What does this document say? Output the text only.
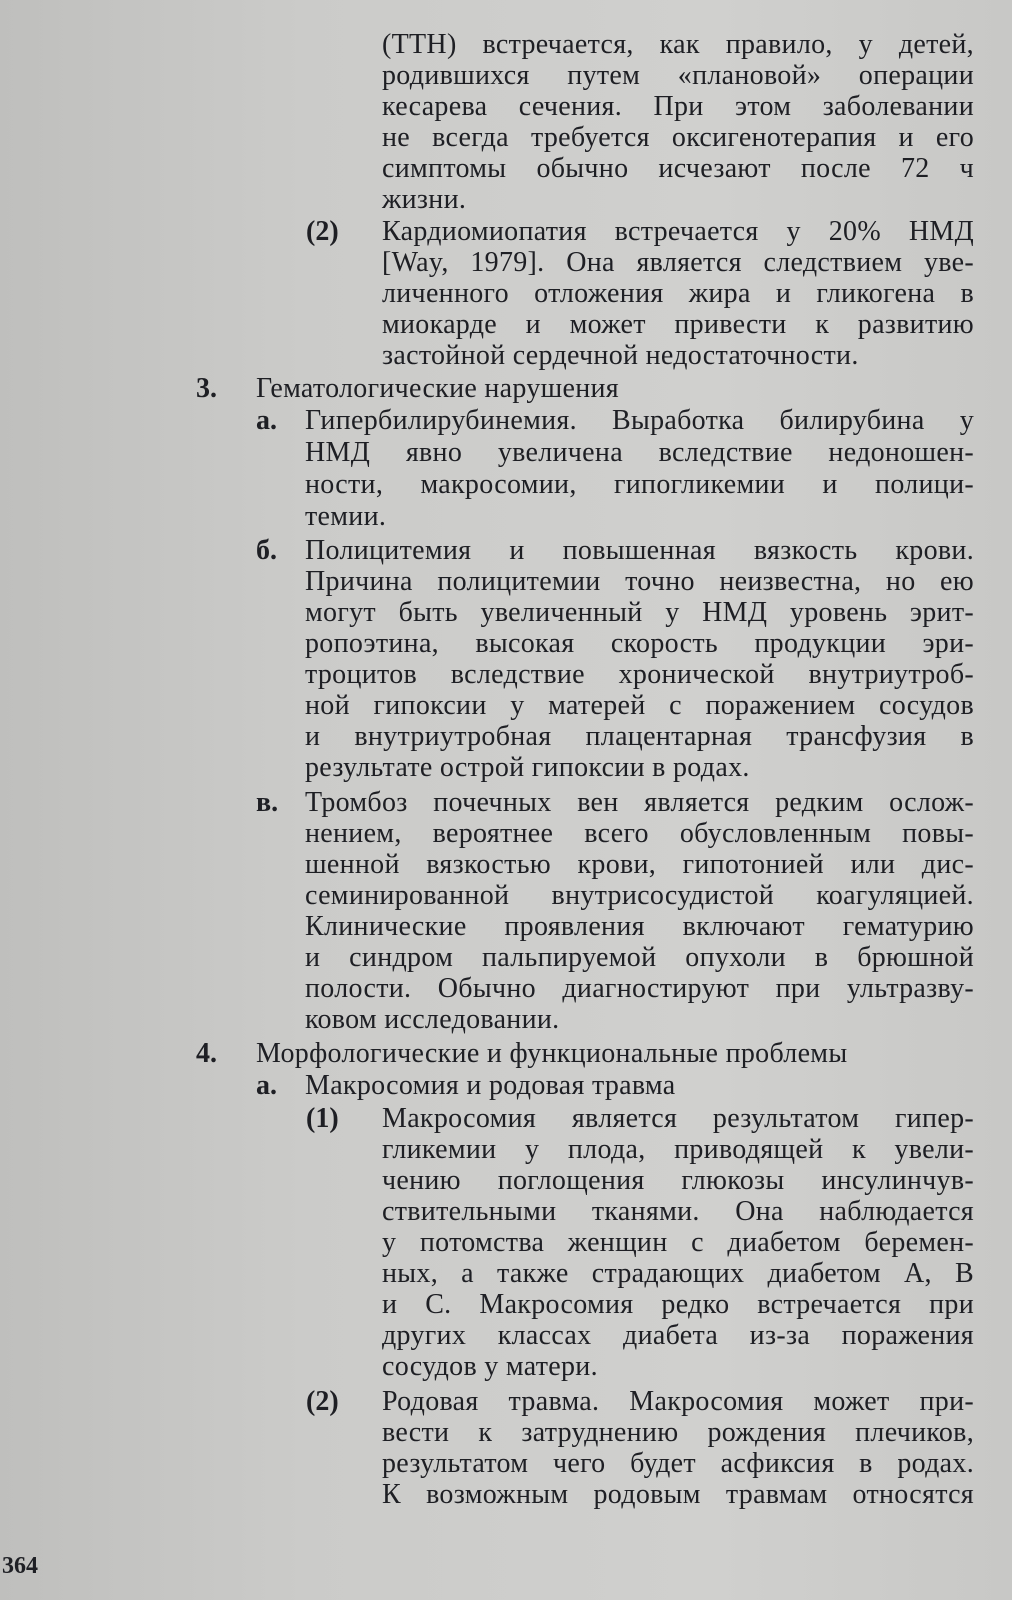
(ТТН) встречается, как правило, у детей,

родившихся путем «плановой» операции

кесарева сечения. При этом заболевании

не всегда требуется оксигенотерапия и его

симптомы обычно исчезают после 72 ч

жизни.

(2) Кардиомиопатия встречается у 20% НМД

[Way, 1979]. Она является следствием уве-

личенного отложения жира и гликогена в

миокарде и может привести к развитию

застойной сердечной недостаточности.

3. Гематологические нарушения

а. Гипербилирубинемия. Выработка билирубина у

НМД явно увеличена вследствие недоношен-

ности, макросомии, гипогликемии и полици-

темии.

б. Полицитемия и повышенная вязкость крови.

Причина полицитемии точно неизвестна, но ею

могут быть увеличенный у НМД уровень эрит-

ропоэтина, высокая скорость продукции эри-

троцитов вследствие хронической внутриутроб-

ной гипоксии у матерей с поражением сосудов

и внутриутробная плацентарная трансфузия в

результате острой гипоксии в родах.

в. Тромбоз почечных вен является редким ослож-

нением, вероятнее всего обусловленным повы-

шенной вязкостью крови, гипотонией или дис-

семинированной внутрисосудистой коагуляцией.

Клинические проявления включают гематурию

и синдром пальпируемой опухоли в брюшной

полости. Обычно диагностируют при ультразву-

ковом исследовании.

4. Морфологические и функциональные проблемы

а. Макросомия и родовая травма

(1) Макросомия является результатом гипер-

гликемии у плода, приводящей к увели-

чению поглощения глюкозы инсулинчув-

ствительными тканями. Она наблюдается

у потомства женщин с диабетом беремен-

ных, а также страдающих диабетом А, В

и С. Макросомия редко встречается при

других классах диабета из-за поражения

сосудов у матери.

(2) Родовая травма. Макросомия может при-

вести к затруднению рождения плечиков,

результатом чего будет асфиксия в родах.

К возможным родовым травмам относятся

364
